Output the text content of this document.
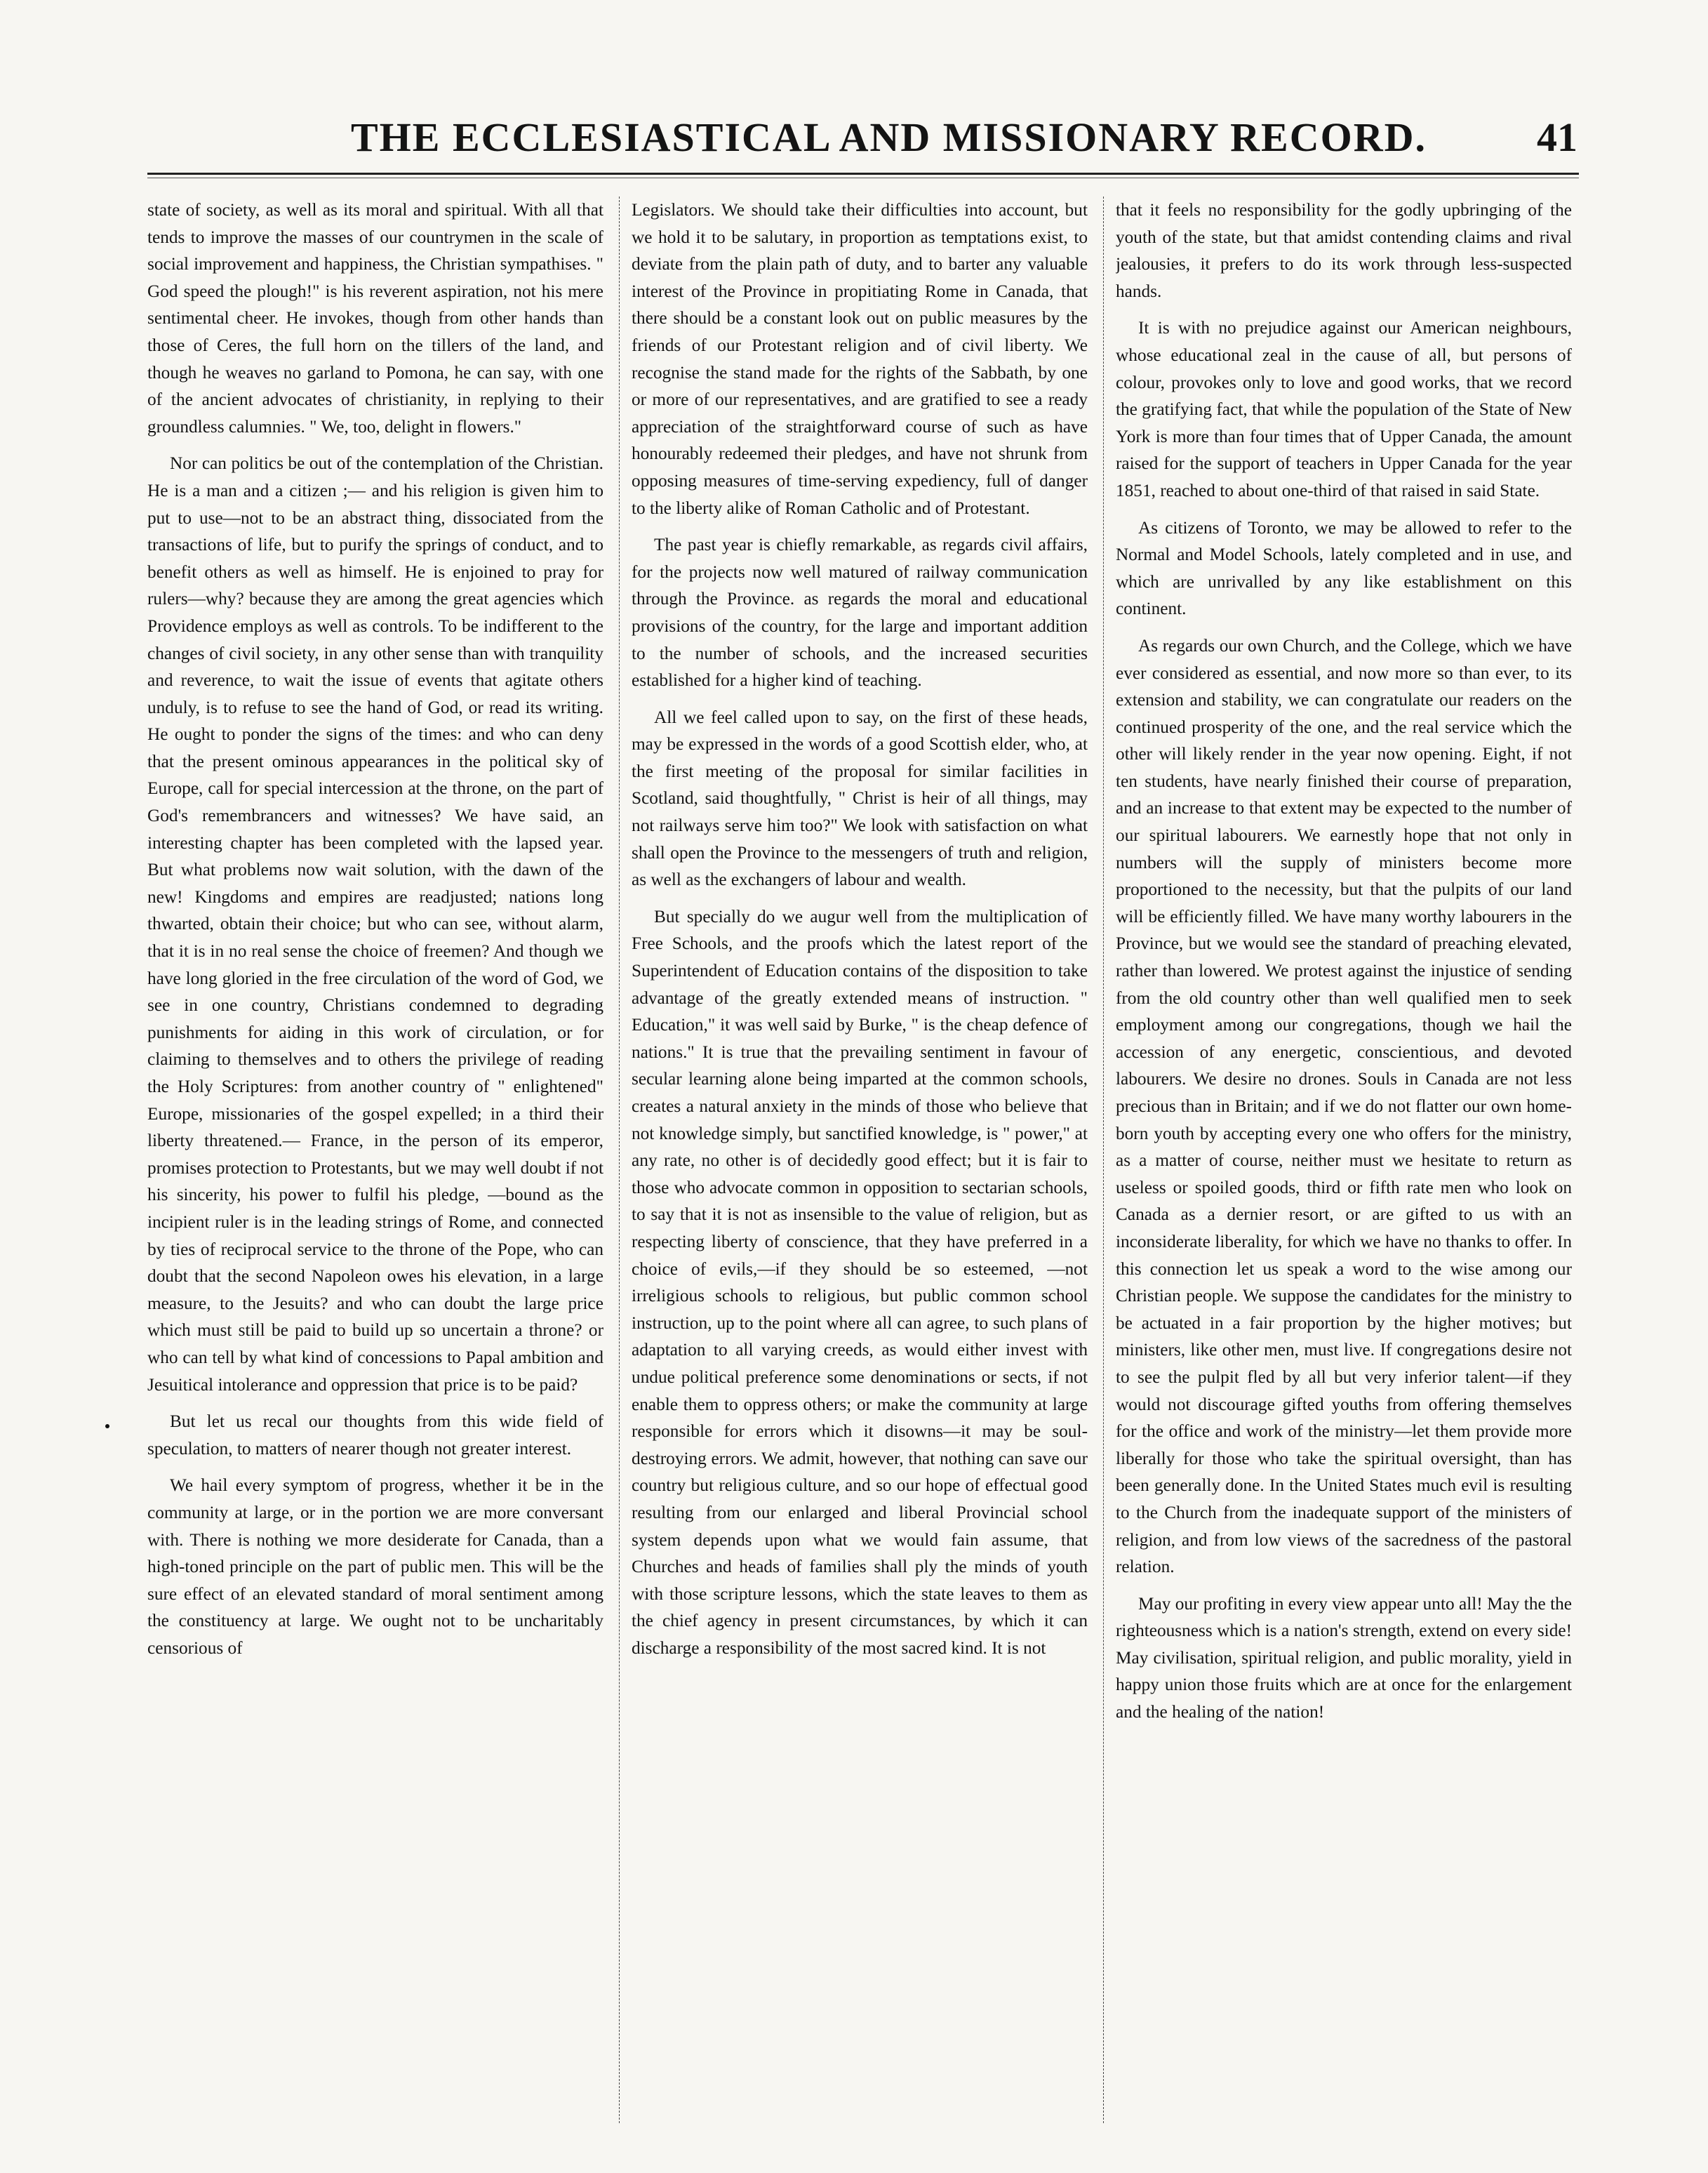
THE ECCLESIASTICAL AND MISSIONARY RECORD.	41

state of society, as well as its moral and spiritual. With all that tends to improve the masses of our countrymen in the scale of social improvement and happiness, the Christian sympathises. " God speed the plough!" is his reverent aspiration, not his mere sentimental cheer. He invokes, though from other hands than those of Ceres, the full horn on the tillers of the land, and though he weaves no garland to Pomona, he can say, with one of the ancient advocates of christianity, in replying to their groundless calumnies. " We, too, delight in flowers."

Nor can politics be out of the contemplation of the Christian. He is a man and a citizen ;— and his religion is given him to put to use—not to be an abstract thing, dissociated from the transactions of life, but to purify the springs of conduct, and to benefit others as well as himself. He is enjoined to pray for rulers—why? because they are among the great agencies which Providence employs as well as controls. To be indifferent to the changes of civil society, in any other sense than with tranquility and reverence, to wait the issue of events that agitate others unduly, is to refuse to see the hand of God, or read its writing. He ought to ponder the signs of the times: and who can deny that the present ominous appearances in the political sky of Europe, call for special intercession at the throne, on the part of God's remembrancers and witnesses? We have said, an interesting chapter has been completed with the lapsed year. But what problems now wait solution, with the dawn of the new! Kingdoms and empires are readjusted; nations long thwarted, obtain their choice; but who can see, without alarm, that it is in no real sense the choice of freemen? And though we have long gloried in the free circulation of the word of God, we see in one country, Christians condemned to degrading punishments for aiding in this work of circulation, or for claiming to themselves and to others the privilege of reading the Holy Scriptures: from another country of " enlightened" Europe, missionaries of the gospel expelled; in a third their liberty threatened.— France, in the person of its emperor, promises protection to Protestants, but we may well doubt if not his sincerity, his power to fulfil his pledge, —bound as the incipient ruler is in the leading strings of Rome, and connected by ties of reciprocal service to the throne of the Pope, who can doubt that the second Napoleon owes his elevation, in a large measure, to the Jesuits? and who can doubt the large price which must still be paid to build up so uncertain a throne? or who can tell by what kind of concessions to Papal ambition and Jesuitical intolerance and oppression that price is to be paid?

But let us recal our thoughts from this wide field of speculation, to matters of nearer though not greater interest.

We hail every symptom of progress, whether it be in the community at large, or in the portion we are more conversant with. There is nothing we more desiderate for Canada, than a high-toned principle on the part of public men. This will be the sure effect of an elevated standard of moral sentiment among the constituency at large. We ought not to be uncharitably censorious of

Legislators. We should take their difficulties into account, but we hold it to be salutary, in proportion as temptations exist, to deviate from the plain path of duty, and to barter any valuable interest of the Province in propitiating Rome in Canada, that there should be a constant look out on public measures by the friends of our Protestant religion and of civil liberty. We recognise the stand made for the rights of the Sabbath, by one or more of our representatives, and are gratified to see a ready appreciation of the straightforward course of such as have honourably redeemed their pledges, and have not shrunk from opposing measures of time-serving expediency, full of danger to the liberty alike of Roman Catholic and of Protestant.

The past year is chiefly remarkable, as regards civil affairs, for the projects now well matured of railway communication through the Province. as regards the moral and educational provisions of the country, for the large and important addition to the number of schools, and the increased securities established for a higher kind of teaching.

All we feel called upon to say, on the first of these heads, may be expressed in the words of a good Scottish elder, who, at the first meeting of the proposal for similar facilities in Scotland, said thoughtfully, " Christ is heir of all things, may not railways serve him too?" We look with satisfaction on what shall open the Province to the messengers of truth and religion, as well as the exchangers of labour and wealth.

But specially do we augur well from the multiplication of Free Schools, and the proofs which the latest report of the Superintendent of Education contains of the disposition to take advantage of the greatly extended means of instruction. " Education," it was well said by Burke, " is the cheap defence of nations." It is true that the prevailing sentiment in favour of secular learning alone being imparted at the common schools, creates a natural anxiety in the minds of those who believe that not knowledge simply, but sanctified knowledge, is " power," at any rate, no other is of decidedly good effect; but it is fair to those who advocate common in opposition to sectarian schools, to say that it is not as insensible to the value of religion, but as respecting liberty of conscience, that they have preferred in a choice of evils,—if they should be so esteemed, —not irreligious schools to religious, but public common school instruction, up to the point where all can agree, to such plans of adaptation to all varying creeds, as would either invest with undue political preference some denominations or sects, if not enable them to oppress others; or make the community at large responsible for errors which it disowns—it may be soul-destroying errors. We admit, however, that nothing can save our country but religious culture, and so our hope of effectual good resulting from our enlarged and liberal Provincial school system depends upon what we would fain assume, that Churches and heads of families shall ply the minds of youth with those scripture lessons, which the state leaves to them as the chief agency in present circumstances, by which it can discharge a responsibility of the most sacred kind. It is not

that it feels no responsibility for the godly upbringing of the youth of the state, but that amidst contending claims and rival jealousies, it prefers to do its work through less-suspected hands.

It is with no prejudice against our American neighbours, whose educational zeal in the cause of all, but persons of colour, provokes only to love and good works, that we record the gratifying fact, that while the population of the State of New York is more than four times that of Upper Canada, the amount raised for the support of teachers in Upper Canada for the year 1851, reached to about one-third of that raised in said State.

As citizens of Toronto, we may be allowed to refer to the Normal and Model Schools, lately completed and in use, and which are unrivalled by any like establishment on this continent.

As regards our own Church, and the College, which we have ever considered as essential, and now more so than ever, to its extension and stability, we can congratulate our readers on the continued prosperity of the one, and the real service which the other will likely render in the year now opening. Eight, if not ten students, have nearly finished their course of preparation, and an increase to that extent may be expected to the number of our spiritual labourers. We earnestly hope that not only in numbers will the supply of ministers become more proportioned to the necessity, but that the pulpits of our land will be efficiently filled. We have many worthy labourers in the Province, but we would see the standard of preaching elevated, rather than lowered. We protest against the injustice of sending from the old country other than well qualified men to seek employment among our congregations, though we hail the accession of any energetic, conscientious, and devoted labourers. We desire no drones. Souls in Canada are not less precious than in Britain; and if we do not flatter our own home-born youth by accepting every one who offers for the ministry, as a matter of course, neither must we hesitate to return as useless or spoiled goods, third or fifth rate men who look on Canada as a dernier resort, or are gifted to us with an inconsiderate liberality, for which we have no thanks to offer. In this connection let us speak a word to the wise among our Christian people. We suppose the candidates for the ministry to be actuated in a fair proportion by the higher motives; but ministers, like other men, must live. If congregations desire not to see the pulpit fled by all but very inferior talent—if they would not discourage gifted youths from offering themselves for the office and work of the ministry—let them provide more liberally for those who take the spiritual oversight, than has been generally done. In the United States much evil is resulting to the Church from the inadequate support of the ministers of religion, and from low views of the sacredness of the pastoral relation.

May our profiting in every view appear unto all! May the the righteousness which is a nation's strength, extend on every side! May civilisation, spiritual religion, and public morality, yield in happy union those fruits which are at once for the enlargement and the healing of the nation!
